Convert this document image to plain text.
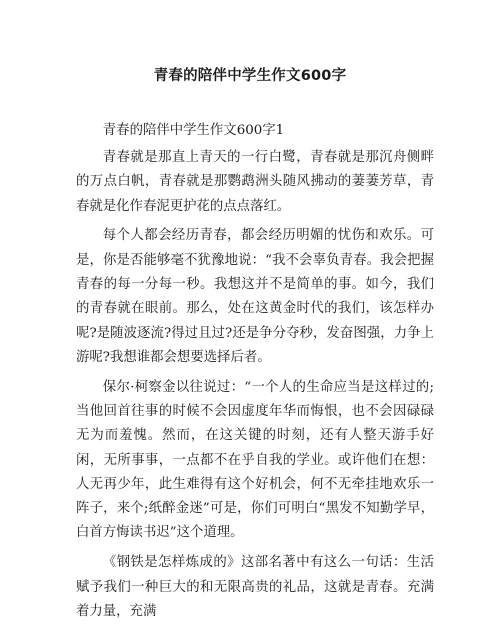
青春的陪伴中学生作文600字

青春的陪伴中学生作文600字1

青春就是那直上青天的一行白鹭，青春就是那沉舟侧畔的万点白帆，青春就是那鹦鹉洲头随风拂动的萋萋芳草，青春就是化作春泥更护花的点点落红。

每个人都会经历青春，都会经历明媚的忧伤和欢乐。可是，你是否能够毫不犹豫地说：“我不会辜负青春。我会把握青春的每一分每一秒。我想这并不是简单的事。如今，我们的青春就在眼前。那么，处在这黄金时代的我们，该怎样办呢?是随波逐流?得过且过?还是争分夺秒，发奋图强，力争上游呢?我想谁都会想要选择后者。

保尔·柯察金以往说过：“一个人的生命应当是这样过的;当他回首往事的时候不会因虚度年华而悔恨，也不会因碌碌无为而羞愧。然而，在这关键的时刻，还有人整天游手好闲，无所事事，一点都不在乎自我的学业。或许他们在想：人无再少年，此生难得有这个好机会，何不无牵挂地欢乐一阵子，来个;纸醉金迷”可是，你们可明白“黑发不知勤学早，白首方悔读书迟”这个道理。

《钢铁是怎样炼成的》这部名著中有这么一句话：生活赋予我们一种巨大的和无限高贵的礼品，这就是青春。充满着力量，充满
